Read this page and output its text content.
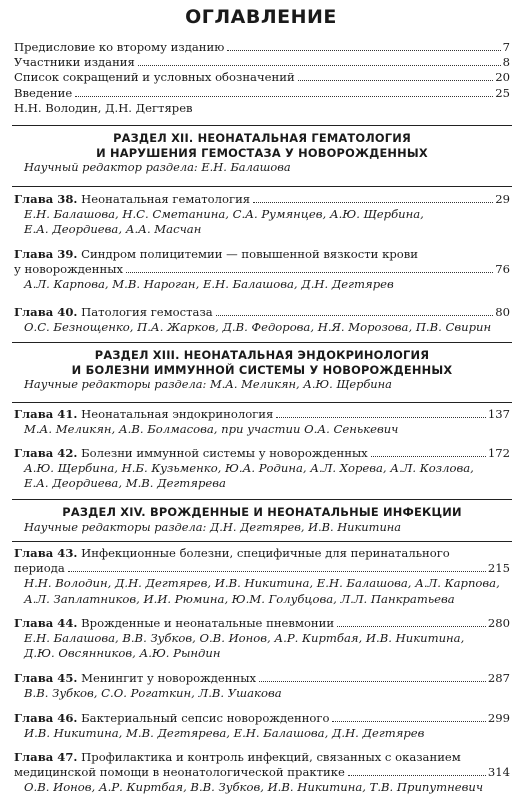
ОГЛАВЛЕНИЕ
Предисловие ко второму изданию	7
Участники издания	8
Список сокращений и условных обозначений	20
Введение	25
Н.Н. Володин, Д.Н. Дегтярев
РАЗДЕЛ XII. НЕОНАТАЛЬНАЯ ГЕМАТОЛОГИЯ
И НАРУШЕНИЯ ГЕМОСТАЗА У НОВОРОЖДЕННЫХ
Научный редактор раздела: Е.Н. Балашова
Глава 38. Неонатальная гематология	29
Е.Н. Балашова, Н.С. Сметанина, С.А. Румянцев, А.Ю. Щербина,
Е.А. Деордиева, А.А. Масчан
Глава 39. Синдром полицитемии — повышенной вязкости крови
у новорожденных	76
А.Л. Карпова, М.В. Нароган, Е.Н. Балашова, Д.Н. Дегтярев
Глава 40. Патология гемостаза	80
О.С. Безнощенко, П.А. Жарков, Д.В. Федорова, Н.Я. Морозова, П.В. Свирин
РАЗДЕЛ XIII. НЕОНАТАЛЬНАЯ ЭНДОКРИНОЛОГИЯ
И БОЛЕЗНИ ИММУННОЙ СИСТЕМЫ У НОВОРОЖДЕННЫХ
Научные редакторы раздела: М.А. Меликян, А.Ю. Щербина
Глава 41. Неонатальная эндокринология	137
М.А. Меликян, А.В. Болмасова, при участии О.А. Сенькевич
Глава 42. Болезни иммунной системы у новорожденных	172
А.Ю. Щербина, Н.Б. Кузьменко, Ю.А. Родина, А.Л. Хорева, А.Л. Козлова,
Е.А. Деордиева, М.В. Дегтярева
РАЗДЕЛ XIV. ВРОЖДЕННЫЕ И НЕОНАТАЛЬНЫЕ ИНФЕКЦИИ
Научные редакторы раздела: Д.Н. Дегтярев, И.В. Никитина
Глава 43. Инфекционные болезни, специфичные для перинатального
периода	215
Н.Н. Володин, Д.Н. Дегтярев, И.В. Никитина, Е.Н. Балашова, А.Л. Карпова,
А.Л. Заплатников, И.И. Рюмина, Ю.М. Голубцова, Л.Л. Панкратьева
Глава 44. Врожденные и неонатальные пневмонии	280
Е.Н. Балашова, В.В. Зубков, О.В. Ионов, А.Р. Киртбая, И.В. Никитина,
Д.Ю. Овсянников, А.Ю. Рындин
Глава 45. Менингит у новорожденных	287
В.В. Зубков, С.О. Рогаткин, Л.В. Ушакова
Глава 46. Бактериальный сепсис новорожденного	299
И.В. Никитина, М.В. Дегтярева, Е.Н. Балашова, Д.Н. Дегтярев
Глава 47. Профилактика и контроль инфекций, связанных с оказанием
медицинской помощи в неонатологической практике	314
О.В. Ионов, А.Р. Киртбая, В.В. Зубков, И.В. Никитина, Т.В. Припутневич
